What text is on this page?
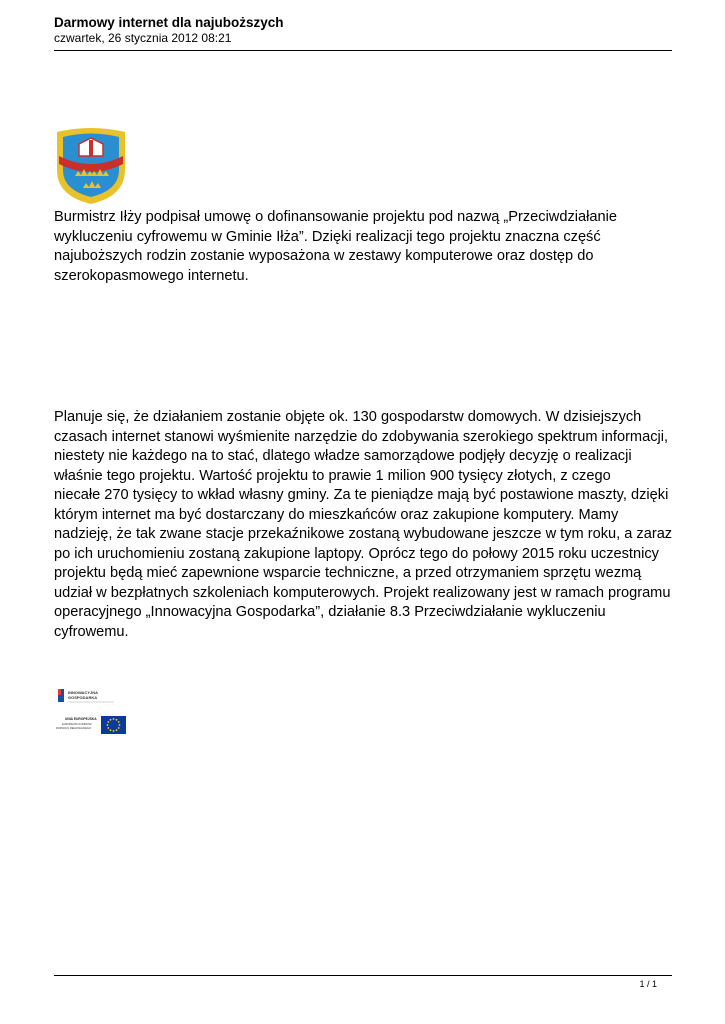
Darmowy internet dla najuboższych
czwartek, 26 stycznia 2012 08:21

Burmistrz Iłży podpisał umowę o dofinansowanie projektu pod nazwą „Przeciwdziałanie
wykluczeniu cyfrowemu w Gminie Iłża”. Dzięki realizacji tego projektu znaczna część
najuboższych rodzin zostanie wyposażona w zestawy komputerowe oraz dostęp do
szerokopasmowego internetu.

Planuje się, że działaniem zostanie objęte ok. 130 gospodarstw domowych. W dzisiejszych
czasach internet stanowi wyśmienite narzędzie do zdobywania szerokiego spektrum informacji,
niestety nie każdego na to stać, dlatego władze samorządowe podjęły decyzję o realizacji
właśnie tego projektu. Wartość projektu to prawie 1 milion 900 tysięcy złotych, z czego
niecałe 270 tysięcy to wkład własny gminy. Za te pieniądze mają być postawione maszty, dzięki
którym internet ma być dostarczany do mieszkańców oraz zakupione komputery. Mamy
nadzieję, że tak zwane stacje przekaźnikowe zostaną wybudowane jeszcze w tym roku, a zaraz
po ich uruchomieniu zostaną zakupione laptopy. Oprócz tego do połowy 2015 roku uczestnicy
projektu będą mieć zapewnione wsparcie techniczne, a przed otrzymaniem sprzętu wezmą
udział w bezpłatnych szkoleniach komputerowych. Projekt realizowany jest w ramach programu
operacyjnego „Innowacyjna Gospodarka”, działanie 8.3 Przeciwdziałanie wykluczeniu
cyfrowemu.

INNOWACYJNA
GOSPODARKA
UNIA EUROPEJSKA
EUROPEJSKI FUNDUSZ
ROZWOJU REGIONALNEGO
1 / 1
